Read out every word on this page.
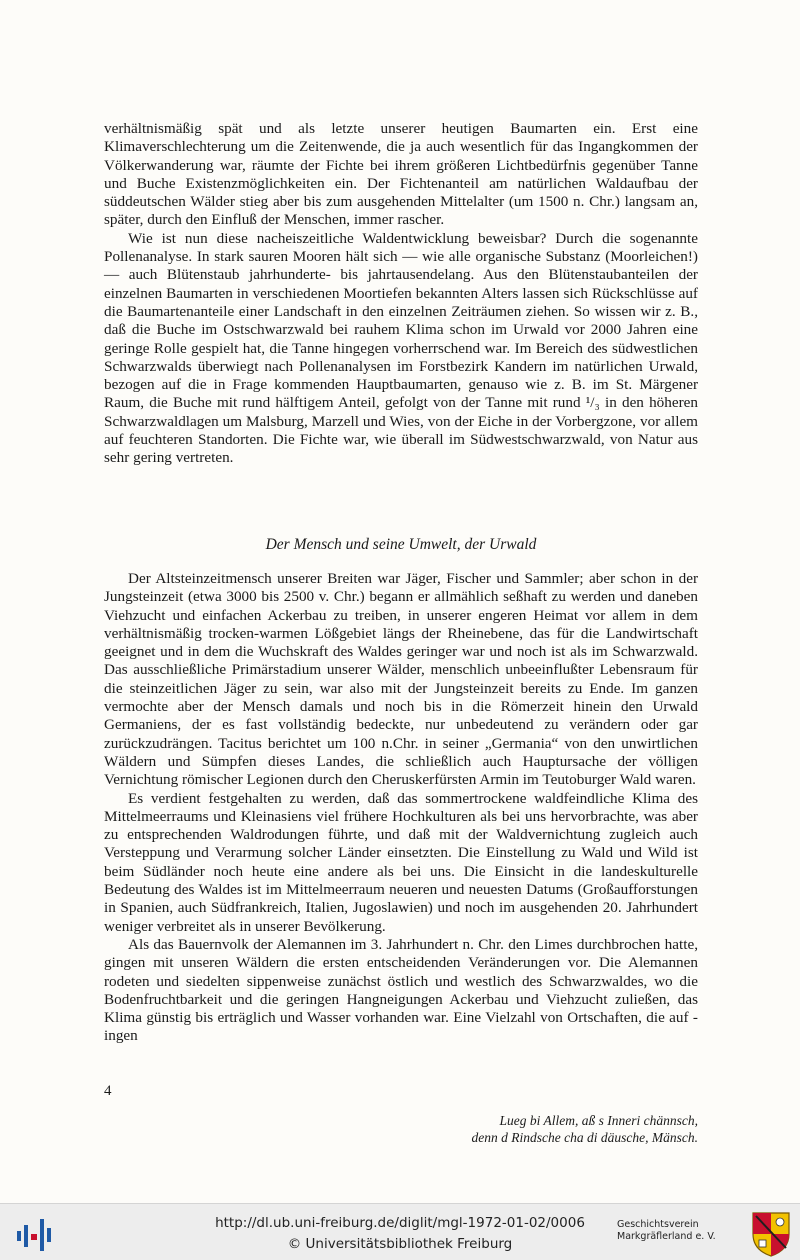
verhältnismäßig spät und als letzte unserer heutigen Baumarten ein. Erst eine Klimaverschlechterung um die Zeitenwende, die ja auch wesentlich für das Ingangkommen der Völkerwanderung war, räumte der Fichte bei ihrem größeren Lichtbedürfnis gegenüber Tanne und Buche Existenzmöglichkeiten ein. Der Fichtenanteil am natürlichen Waldaufbau der süddeutschen Wälder stieg aber bis zum ausgehenden Mittelalter (um 1500 n. Chr.) langsam an, später, durch den Einfluß der Menschen, immer rascher.

Wie ist nun diese nacheiszeitliche Waldentwicklung beweisbar? Durch die sogenannte Pollenanalyse. In stark sauren Mooren hält sich — wie alle organische Substanz (Moorleichen!) — auch Blütenstaub jahrhunderte- bis jahrtausendelang. Aus den Blütenstaubanteilen der einzelnen Baumarten in verschiedenen Moortiefen bekannten Alters lassen sich Rückschlüsse auf die Baumartenanteile einer Landschaft in den einzelnen Zeiträumen ziehen. So wissen wir z. B., daß die Buche im Ostschwarzwald bei rauhem Klima schon im Urwald vor 2000 Jahren eine geringe Rolle gespielt hat, die Tanne hingegen vorherrschend war. Im Bereich des südwestlichen Schwarzwalds überwiegt nach Pollenanalysen im Forstbezirk Kandern im natürlichen Urwald, bezogen auf die in Frage kommenden Hauptbaumarten, genauso wie z. B. im St. Märgener Raum, die Buche mit rund hälftigem Anteil, gefolgt von der Tanne mit rund ¹/₃ in den höheren Schwarzwaldlagen um Malsburg, Marzell und Wies, von der Eiche in der Vorbergzone, vor allem auf feuchteren Standorten. Die Fichte war, wie überall im Südwestschwarzwald, von Natur aus sehr gering vertreten.

Der Mensch und seine Umwelt, der Urwald

Der Altsteinzeitmensch unserer Breiten war Jäger, Fischer und Sammler; aber schon in der Jungsteinzeit (etwa 3000 bis 2500 v. Chr.) begann er allmählich seßhaft zu werden und daneben Viehzucht und einfachen Ackerbau zu treiben, in unserer engeren Heimat vor allem in dem verhältnismäßig trocken-warmen Lößgebiet längs der Rheinebene, das für die Landwirtschaft geeignet und in dem die Wuchskraft des Waldes geringer war und noch ist als im Schwarzwald. Das ausschließliche Primärstadium unserer Wälder, menschlich unbeeinflußter Lebensraum für die steinzeitlichen Jäger zu sein, war also mit der Jungsteinzeit bereits zu Ende. Im ganzen vermochte aber der Mensch damals und noch bis in die Römerzeit hinein den Urwald Germaniens, der es fast vollständig bedeckte, nur unbedeutend zu verändern oder gar zurückzudrängen. Tacitus berichtet um 100 n.Chr. in seiner „Germania“ von den unwirtlichen Wäldern und Sümpfen dieses Landes, die schließlich auch Hauptursache der völligen Vernichtung römischer Legionen durch den Cheruskerfürsten Armin im Teutoburger Wald waren.

Es verdient festgehalten zu werden, daß das sommertrockene waldfeindliche Klima des Mittelmeerraums und Kleinasiens viel frühere Hochkulturen als bei uns hervorbrachte, was aber zu entsprechenden Waldrodungen führte, und daß mit der Waldvernichtung zugleich auch Versteppung und Verarmung solcher Länder einsetzten. Die Einstellung zu Wald und Wild ist beim Südländer noch heute eine andere als bei uns. Die Einsicht in die landeskulturelle Bedeutung des Waldes ist im Mittelmeerraum neueren und neuesten Datums (Großaufforstungen in Spanien, auch Südfrankreich, Italien, Jugoslawien) und noch im ausgehenden 20. Jahrhundert weniger verbreitet als in unserer Bevölkerung.

Als das Bauernvolk der Alemannen im 3. Jahrhundert n. Chr. den Limes durchbrochen hatte, gingen mit unseren Wäldern die ersten entscheidenden Veränderungen vor. Die Alemannen rodeten und siedelten sippenweise zunächst östlich und westlich des Schwarzwaldes, wo die Bodenfruchtbarkeit und die geringen Hangneigungen Ackerbau und Viehzucht zuließen, das Klima günstig bis erträglich und Wasser vorhanden war. Eine Vielzahl von Ortschaften, die auf -ingen

4
Lueg bi Allem, aß s Inneri chännsch,
denn d Rindsche cha di däusche, Mänsch.
http://dl.ub.uni-freiburg.de/diglit/mgl-1972-01-02/0006
© Universitätsbibliothek Freiburg
Geschichtsverein
Markgräflerland e. V.
